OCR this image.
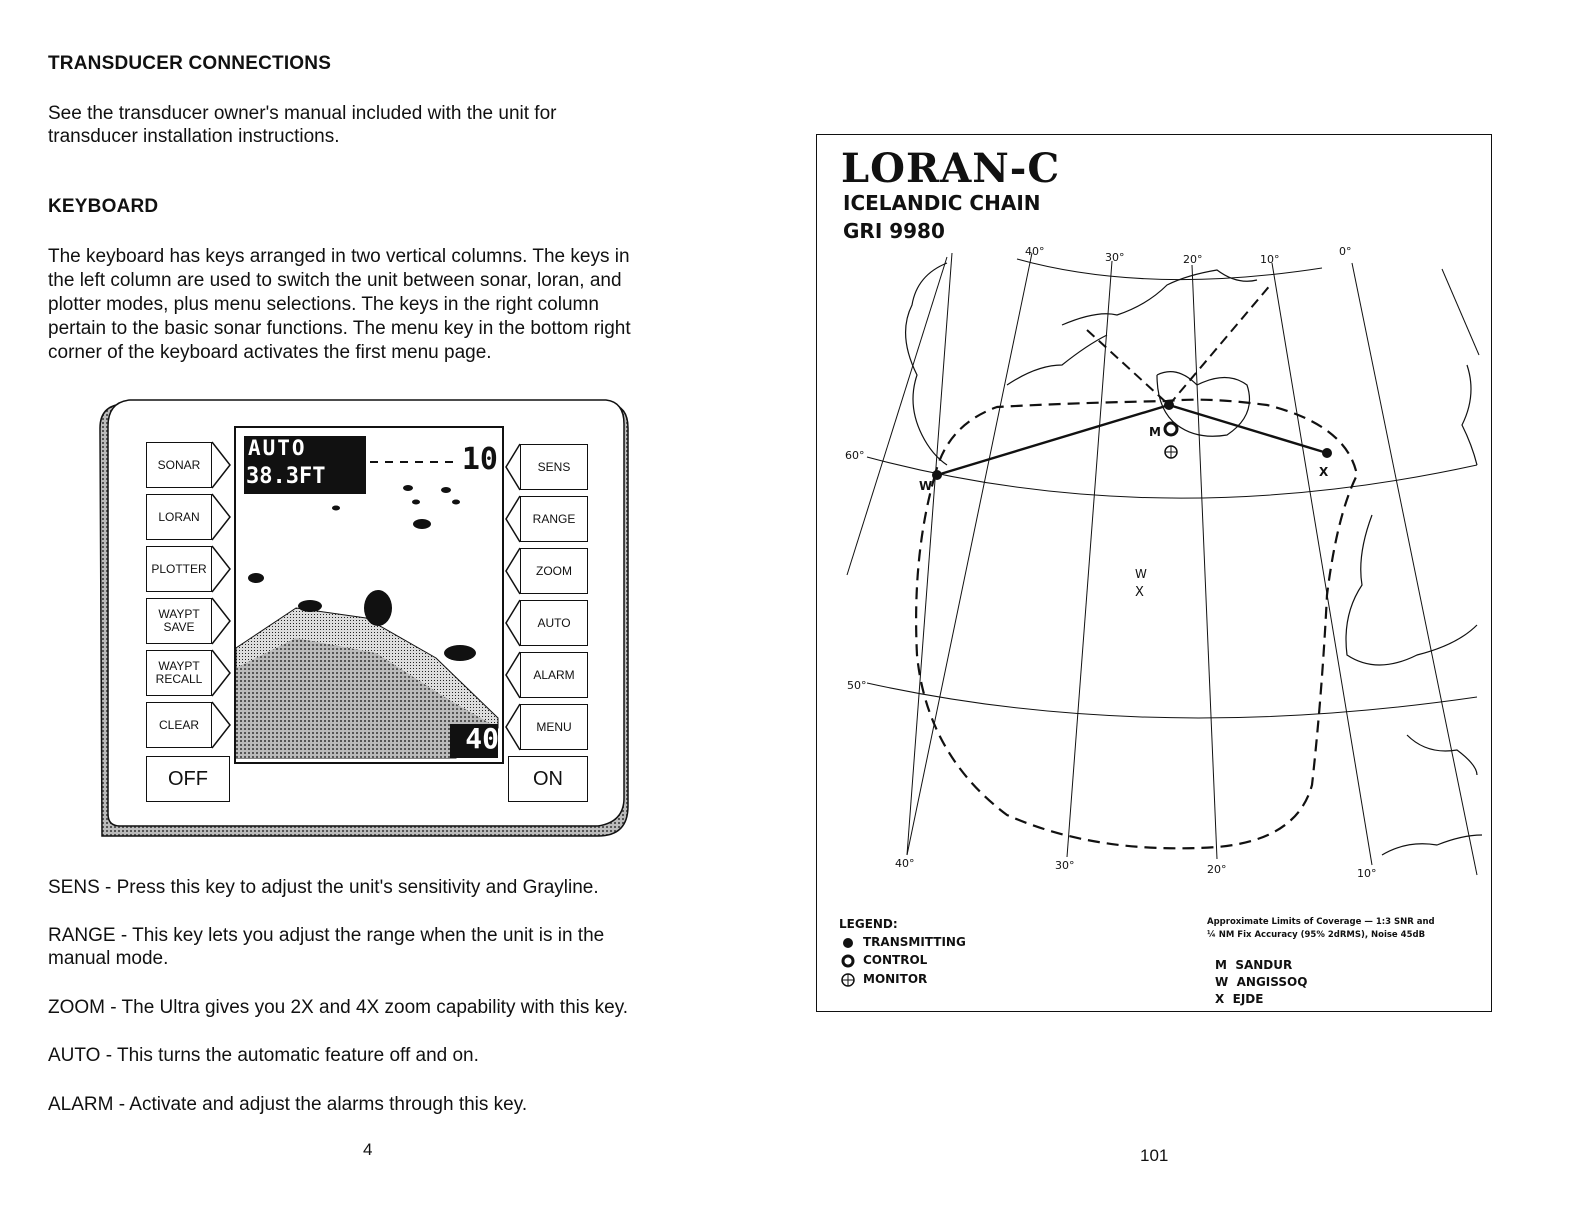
TRANSDUCER CONNECTIONS

See the transducer owner's manual included with the unit for

transducer installation instructions.

KEYBOARD

The keyboard has keys arranged in two vertical columns. The keys in

the left column are used to switch the unit between sonar, loran, and

plotter modes, plus menu selections. The keys in the right column

pertain to the basic sonar functions. The menu key in the bottom right

corner of the keyboard activates the first menu page.

AUTO
38.3FT	10
40
SONAR
LORAN
PLOTTER
WAYPT SAVE
WAYPT RECALL
CLEAR
OFF
SENS
RANGE
ZOOM
AUTO
ALARM
MENU
ON

SENS - Press this key to adjust the unit's sensitivity and Grayline.

RANGE - This key lets you adjust the range when the unit is in the

manual mode.

ZOOM - The Ultra gives you 2X and 4X zoom capability with this key.

AUTO - This turns the automatic feature off and on.

ALARM - Activate and adjust the alarms through this key.

4
LORAN-C
ICELANDIC CHAIN
GRI 9980
40°	30°	20°	10°
0°
40°	30°	20°	10°
60°
50°
M
W
X
W
X
LEGEND:
TRANSMITTING
CONTROL
MONITOR
Approximate Limits of Coverage — 1:3 SNR and
¼ NM Fix Accuracy (95% 2dRMS), Noise 45dB
M SANDUR
W ANGISSOQ
X EJDE
101
